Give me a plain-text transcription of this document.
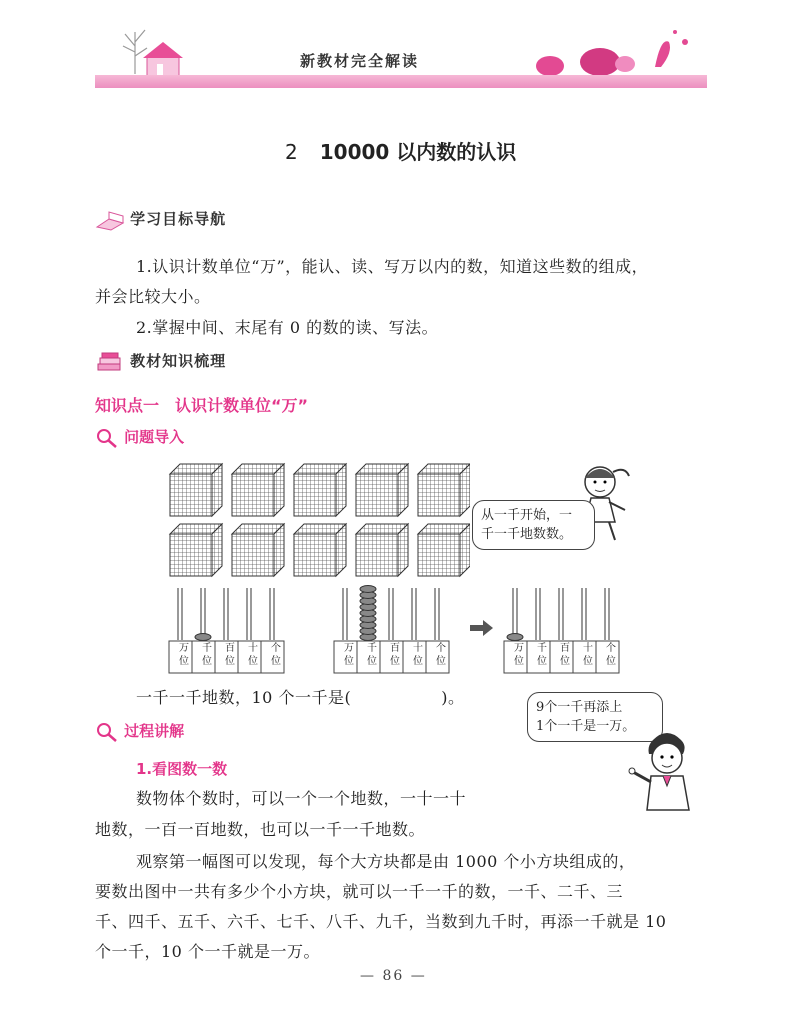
新教材完全解读
2 10000 以内数的认识
学习目标导航
1.认识计数单位“万”，能认、读、写万以内的数，知道这些数的组成，
并会比较大小。
2.掌握中间、末尾有 0 的数的读、写法。
教材知识梳理
知识点一　认识计数单位“万”
问题导入
从一千开始，一
千一千地数数。
万位
千位
百位
十位
个位
万位
千位
百位
十位
个位
万位
千位
百位
十位
个位
一千一千地数，10 个一千是(	)。
9个一千再添上
1个一千是一万。
过程讲解
1.看图数一数
数物体个数时，可以一个一个地数，一十一十
地数，一百一百地数，也可以一千一千地数。
观察第一幅图可以发现，每个大方块都是由 1000 个小方块组成的，
要数出图中一共有多少个小方块，就可以一千一千的数，一千、二千、三
千、四千、五千、六千、七千、八千、九千，当数到九千时，再添一千就是 10
个一千，10 个一千就是一万。
— 86 —
